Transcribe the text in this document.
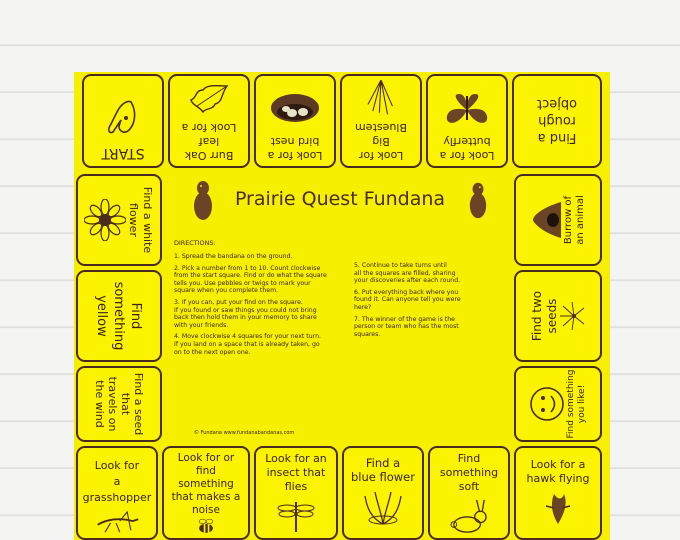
START	Burr Oak leaf
Look for a
Look for a
bird nest
Look for
Big Bluestem
Look for a
butterfly	Find a
rough
object
Find a white
flower
Find
something
yellow
Find a seed
that
travels on
the wind
Burrow of
an animal
Find two
seeds
Find something
you like!
Prairie Quest Fundana
DIRECTIONS:

1. Spread the bandana on the ground.

2. Pick a number from 1 to 10. Count clockwise
from the start square. Find or do what the square
tells you. Use pebbles or twigs to mark your
square when you complete them.

3. If you can, put your find on the square.
If you found or saw things you could not bring
back then hold them in your memory to share
with your friends.

4. Move clockwise 4 squares for your next turn.
If you land on a space that is already taken, go
on to the next open one.

5. Continue to take turns until
all the squares are filled, sharing
your discoveries after each round.

6. Put everything back where you
found it. Can anyone tell you were
here?

7. The winner of the game is the
person or team who has the most
squares.

© Fundana www.fundanabandanas.com
Look for
a grasshopper
Look for or
find something
that makes a
noise
Look for an
insect that
flies
Find a
blue flower
Find something
soft
Look for a
hawk flying
